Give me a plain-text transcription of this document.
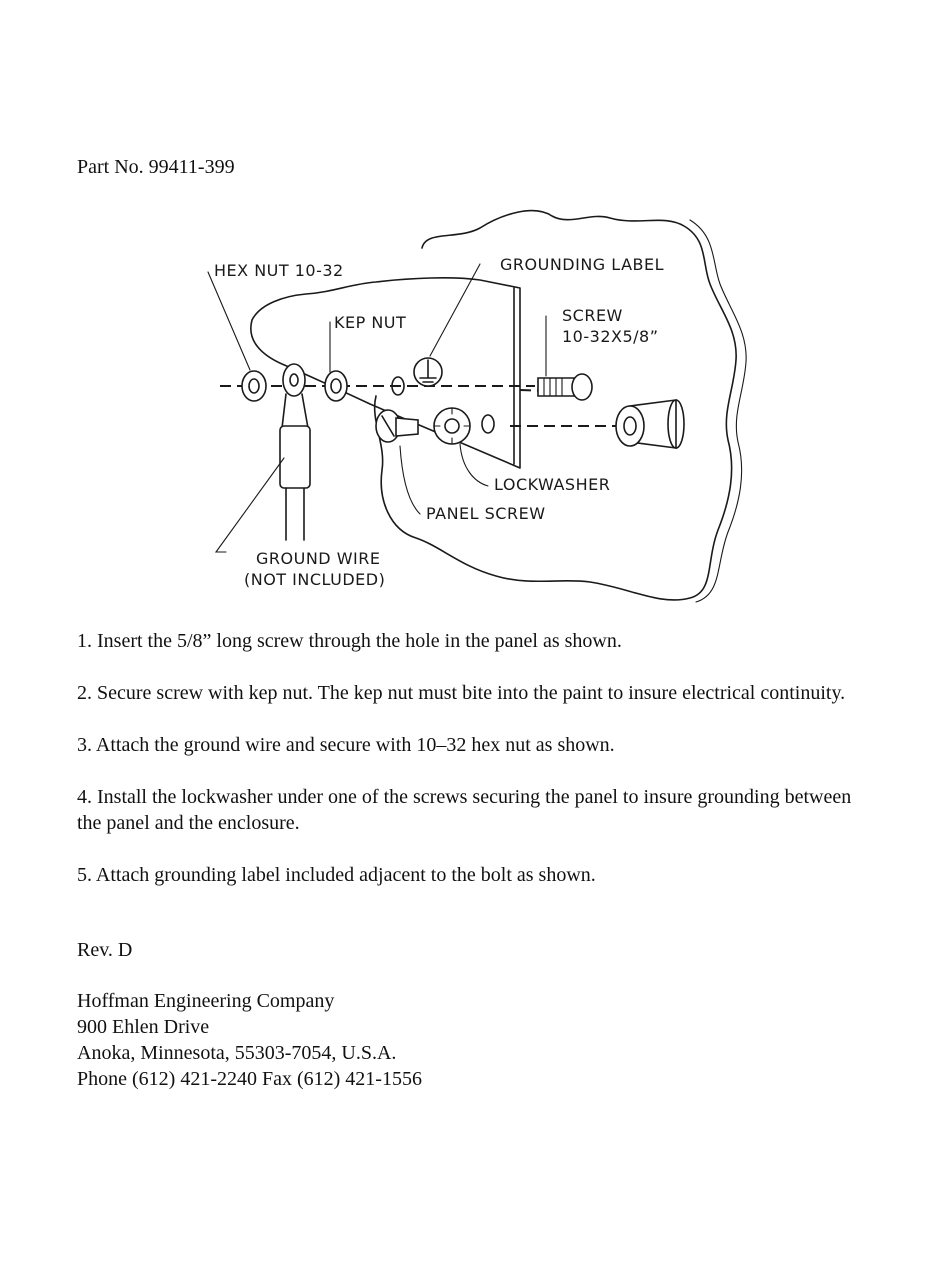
Part No. 99411-399

HEX NUT 10-32
KEP NUT
GROUNDING LABEL
SCREW
10-32X5/8”
LOCKWASHER
PANEL SCREW
GROUND WIRE
(NOT INCLUDED)
1. Insert the 5/8” long screw through the hole in the panel as shown.
2. Secure screw with kep nut. The kep nut must bite into the paint to insure electrical continuity.
3. Attach the ground wire and secure with 10–32 hex nut as shown.
4. Install the lockwasher under one of the screws securing the panel to insure grounding between the panel and the enclosure.
5. Attach grounding label included adjacent to the bolt as shown.

Rev. D

Hoffman Engineering Company
900 Ehlen Drive
Anoka, Minnesota, 55303-7054, U.S.A.
Phone (612) 421-2240 Fax (612) 421-1556
